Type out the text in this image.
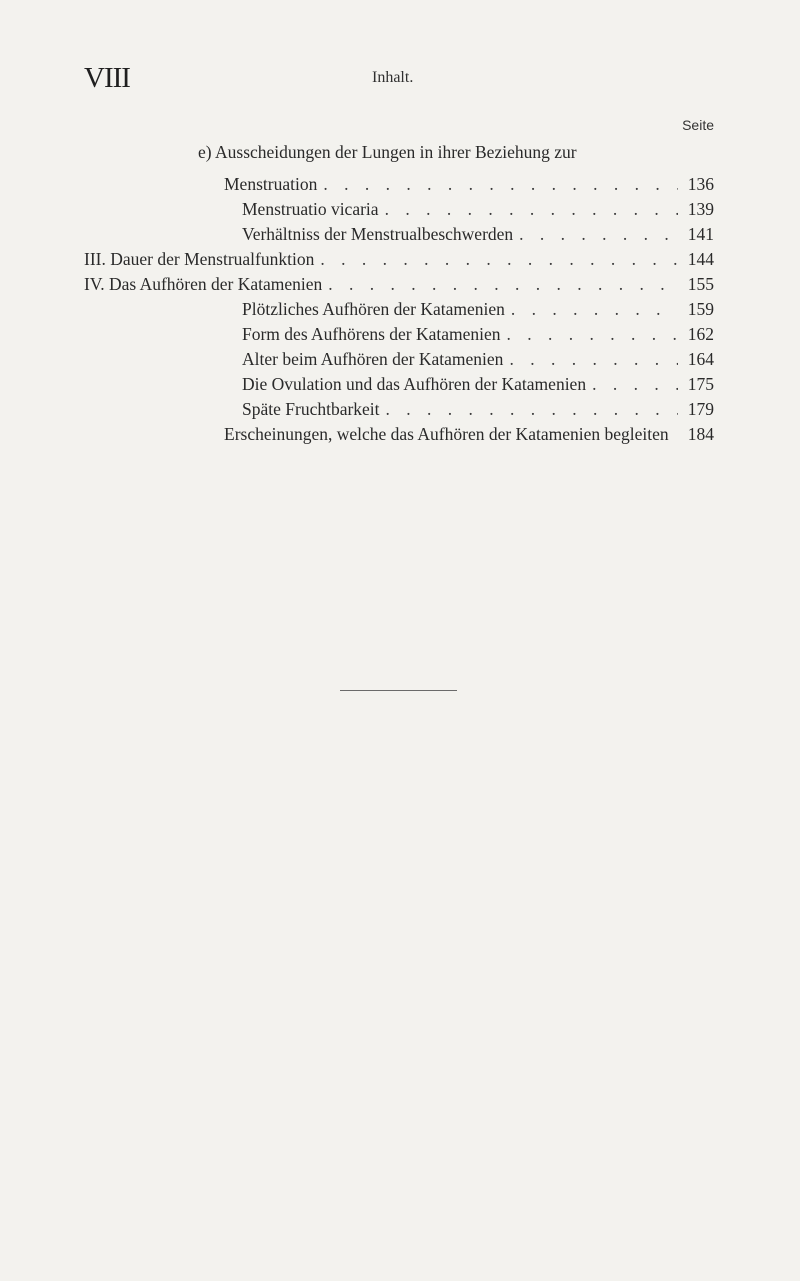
VIII	Inhalt.
Seite
e) Ausscheidungen der Lungen in ihrer Beziehung zur
Menstruation . . .	136
Menstruatio vicaria . . .	139
Verhältniss der Menstrualbeschwerden . . .	141
III. Dauer der Menstrualfunktion . . .	144
IV. Das Aufhören der Katamenien . . .	155
Plötzliches Aufhören der Katamenien . . .	159
Form des Aufhörens der Katamenien . . .	162
Alter beim Aufhören der Katamenien . . .	164
Die Ovulation und das Aufhören der Katamenien . . .	175
Späte Fruchtbarkeit . . .	179
Erscheinungen, welche das Aufhören der Katamenien begleiten	184
